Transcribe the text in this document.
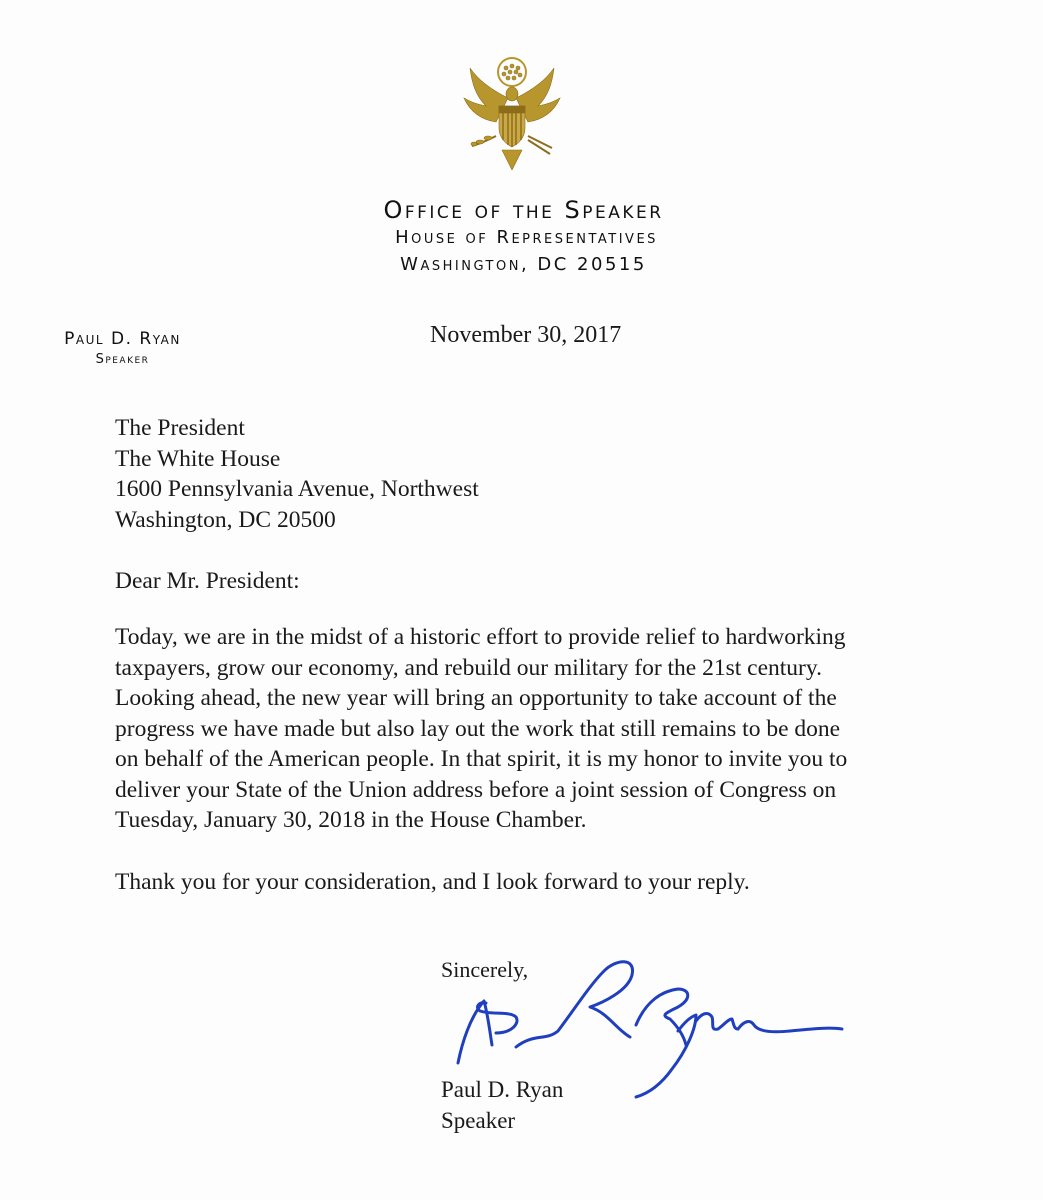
Office of the Speaker
House of Representatives
Washington, DC 20515
Paul D. Ryan
Speaker
November 30, 2017
The President
The White House
1600 Pennsylvania Avenue, Northwest
Washington, DC 20500
Dear Mr. President:
Today, we are in the midst of a historic effort to provide relief to hardworking
taxpayers, grow our economy, and rebuild our military for the 21st century.
Looking ahead, the new year will bring an opportunity to take account of the
progress we have made but also lay out the work that still remains to be done
on behalf of the American people. In that spirit, it is my honor to invite you to
deliver your State of the Union address before a joint session of Congress on
Tuesday, January 30, 2018 in the House Chamber.
Thank you for your consideration, and I look forward to your reply.
Sincerely,
Paul D. Ryan
Speaker
